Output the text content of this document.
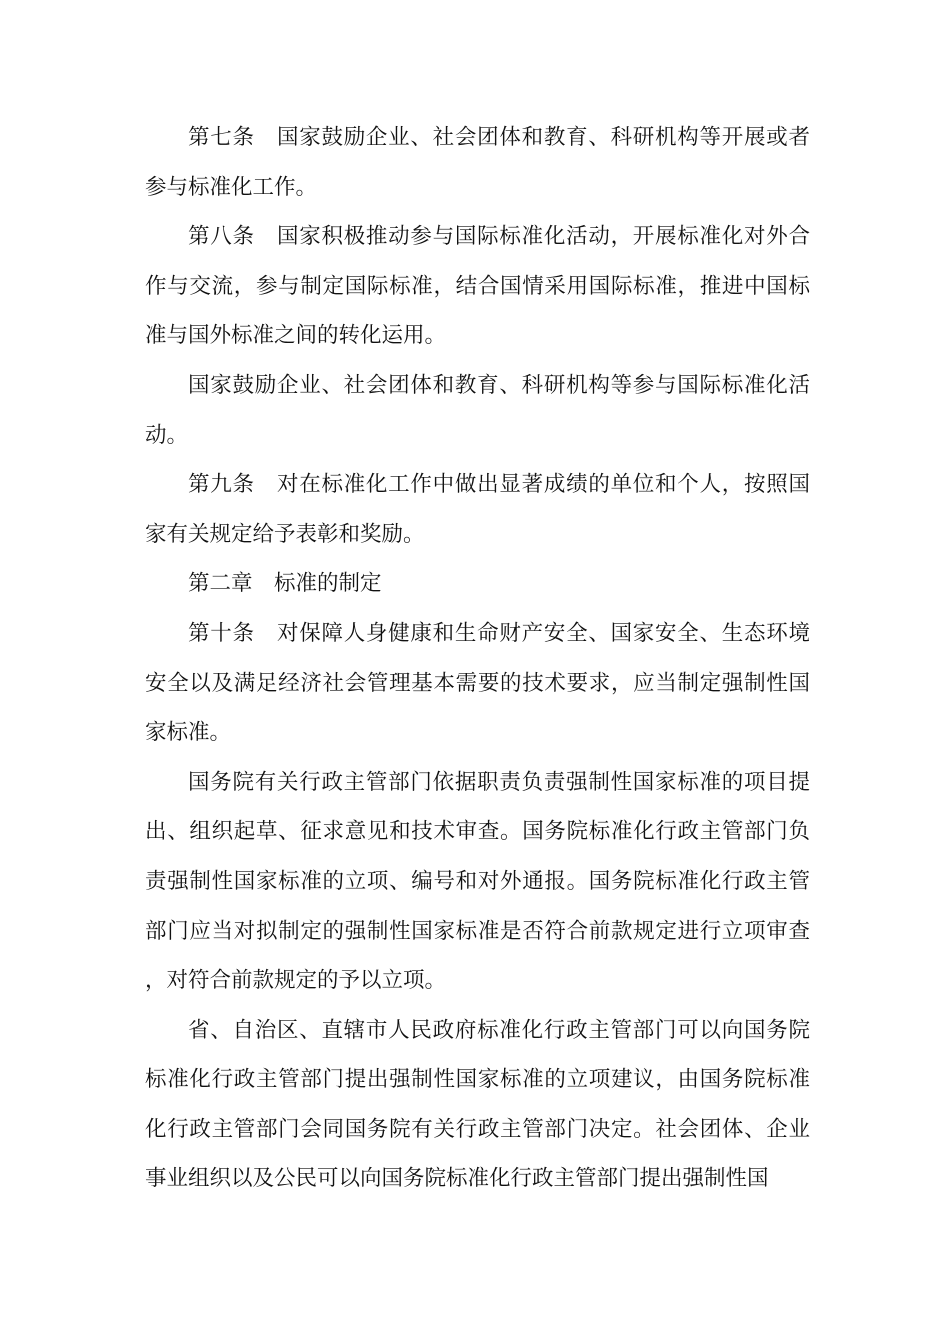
第七条 国家鼓励企业、社会团体和教育、科研机构等开展或者参与标准化工作。

第八条 国家积极推动参与国际标准化活动，开展标准化对外合作与交流，参与制定国际标准，结合国情采用国际标准，推进中国标准与国外标准之间的转化运用。

国家鼓励企业、社会团体和教育、科研机构等参与国际标准化活动。

第九条 对在标准化工作中做出显著成绩的单位和个人，按照国家有关规定给予表彰和奖励。

第二章 标准的制定

第十条 对保障人身健康和生命财产安全、国家安全、生态环境安全以及满足经济社会管理基本需要的技术要求，应当制定强制性国家标准。

国务院有关行政主管部门依据职责负责强制性国家标准的项目提出、组织起草、征求意见和技术审查。国务院标准化行政主管部门负责强制性国家标准的立项、编号和对外通报。国务院标准化行政主管部门应当对拟制定的强制性国家标准是否符合前款规定进行立项审查，对符合前款规定的予以立项。

省、自治区、直辖市人民政府标准化行政主管部门可以向国务院标准化行政主管部门提出强制性国家标准的立项建议，由国务院标准化行政主管部门会同国务院有关行政主管部门决定。社会团体、企业事业组织以及公民可以向国务院标准化行政主管部门提出强制性国
